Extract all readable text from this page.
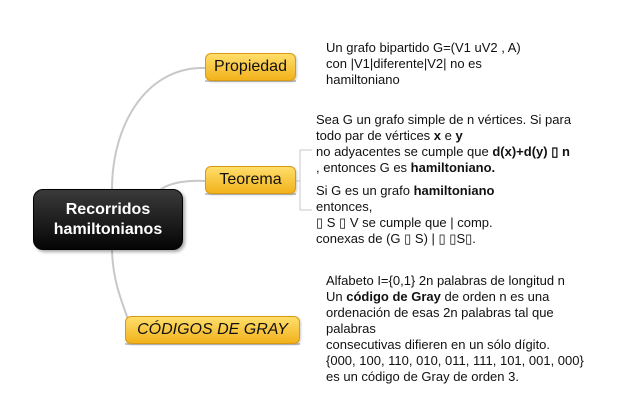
Recorridos
hamiltonianos
Propiedad
Teorema
CÓDIGOS DE GRAY

Un grafo bipartido G=(V1 uV2 , A)

con |V1|diferente|V2| no es

hamiltoniano

Sea G un grafo simple de n vértices. Si para

todo par de vértices x e y

no adyacentes se cumple que d(x)+d(y) ▯ n

, entonces G es hamiltoniano.

Si G es un grafo hamiltoniano

entonces,

▯ S ▯ V se cumple que | comp.

conexas de (G ▯ S) | ▯ ▯S▯.

Alfabeto I={0,1} 2n palabras de longitud n

Un código de Gray de orden n es una

ordenación de esas 2n palabras tal que

palabras

consecutivas difieren en un sólo dígito.

{000, 100, 110, 010, 011, 111, 101, 001, 000}

es un código de Gray de orden 3.
